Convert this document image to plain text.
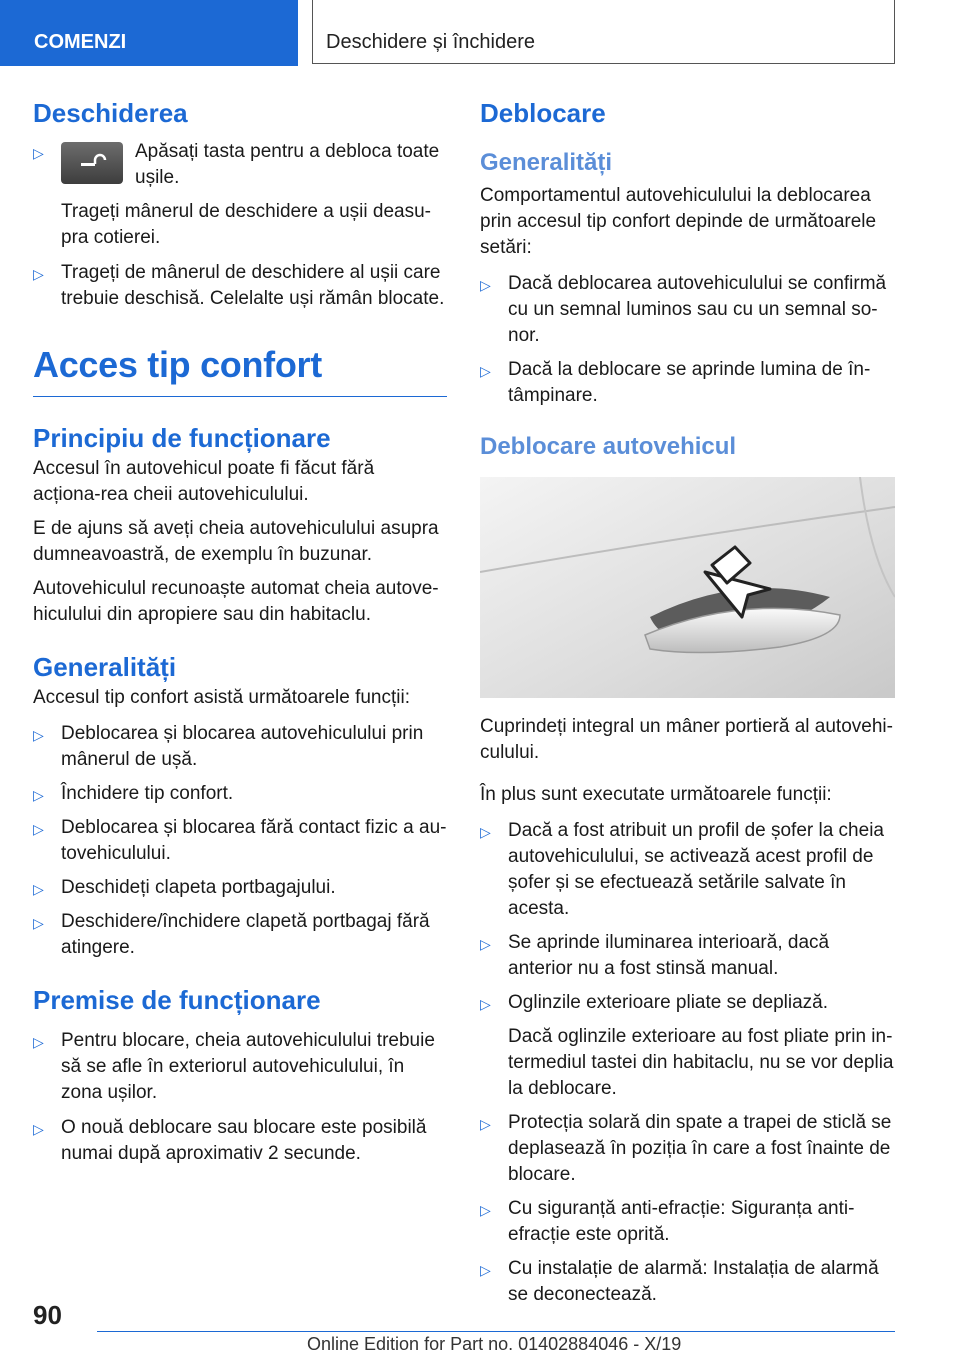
COMENZI	Deschidere și închidere
Deschiderea
▷	Apăsați tasta pentru a debloca toate ușile.

Trageți mânerul de deschidere a ușii deasu-pra cotierei.

▷ Trageți de mânerul de deschidere al ușii care trebuie deschisă. Celelalte uși rămân blocate.
Acces tip confort
Principiu de funcționare

Accesul în autovehicul poate fi făcut fără acționa-rea cheii autovehiculului.

E de ajuns să aveți cheia autovehiculului asupra dumneavoastră, de exemplu în buzunar.

Autovehiculul recunoaște automat cheia autove-hiculului din apropiere sau din habitaclu.

Generalități

Accesul tip confort asistă următoarele funcții:

▷ Deblocarea și blocarea autovehiculului prin mânerul de ușă.
▷ Închidere tip confort.
▷ Deblocarea și blocarea fără contact fizic a au-tovehiculului.
▷ Deschideți clapeta portbagajului.
▷ Deschidere/închidere clapetă portbagaj fără atingere.
Premise de funcționare
▷ Pentru blocare, cheia autovehiculului trebuie să se afle în exteriorul autovehiculului, în zona ușilor.
▷ O nouă deblocare sau blocare este posibilă numai după aproximativ 2 secunde.
Deblocare
Generalități

Comportamentul autovehiculului la deblocarea prin accesul tip confort depinde de următoarele setări:

▷ Dacă deblocarea autovehiculului se confirmă cu un semnal luminos sau cu un semnal so-nor.
▷ Dacă la deblocare se aprinde lumina de în-tâmpinare.
Deblocare autovehicul

Cuprindeți integral un mâner portieră al autovehi-culului.

În plus sunt executate următoarele funcții:

▷ Dacă a fost atribuit un profil de șofer la cheia autovehiculului, se activează acest profil de șofer și se efectuează setările salvate în acesta.
▷ Se aprinde iluminarea interioară, dacă anterior nu a fost stinsă manual.
▷ Oglinzile exterioare pliate se depliază.

Dacă oglinzile exterioare au fost pliate prin in-termediul tastei din habitaclu, nu se vor deplia la deblocare.

▷ Protecția solară din spate a trapei de sticlă se deplasează în poziția în care a fost înainte de blocare.
▷ Cu siguranță anti-efracție: Siguranța anti-efracție este oprită.
▷ Cu instalație de alarmă: Instalația de alarmă se deconectează.
90
Online Edition for Part no. 01402884046 - X/19
